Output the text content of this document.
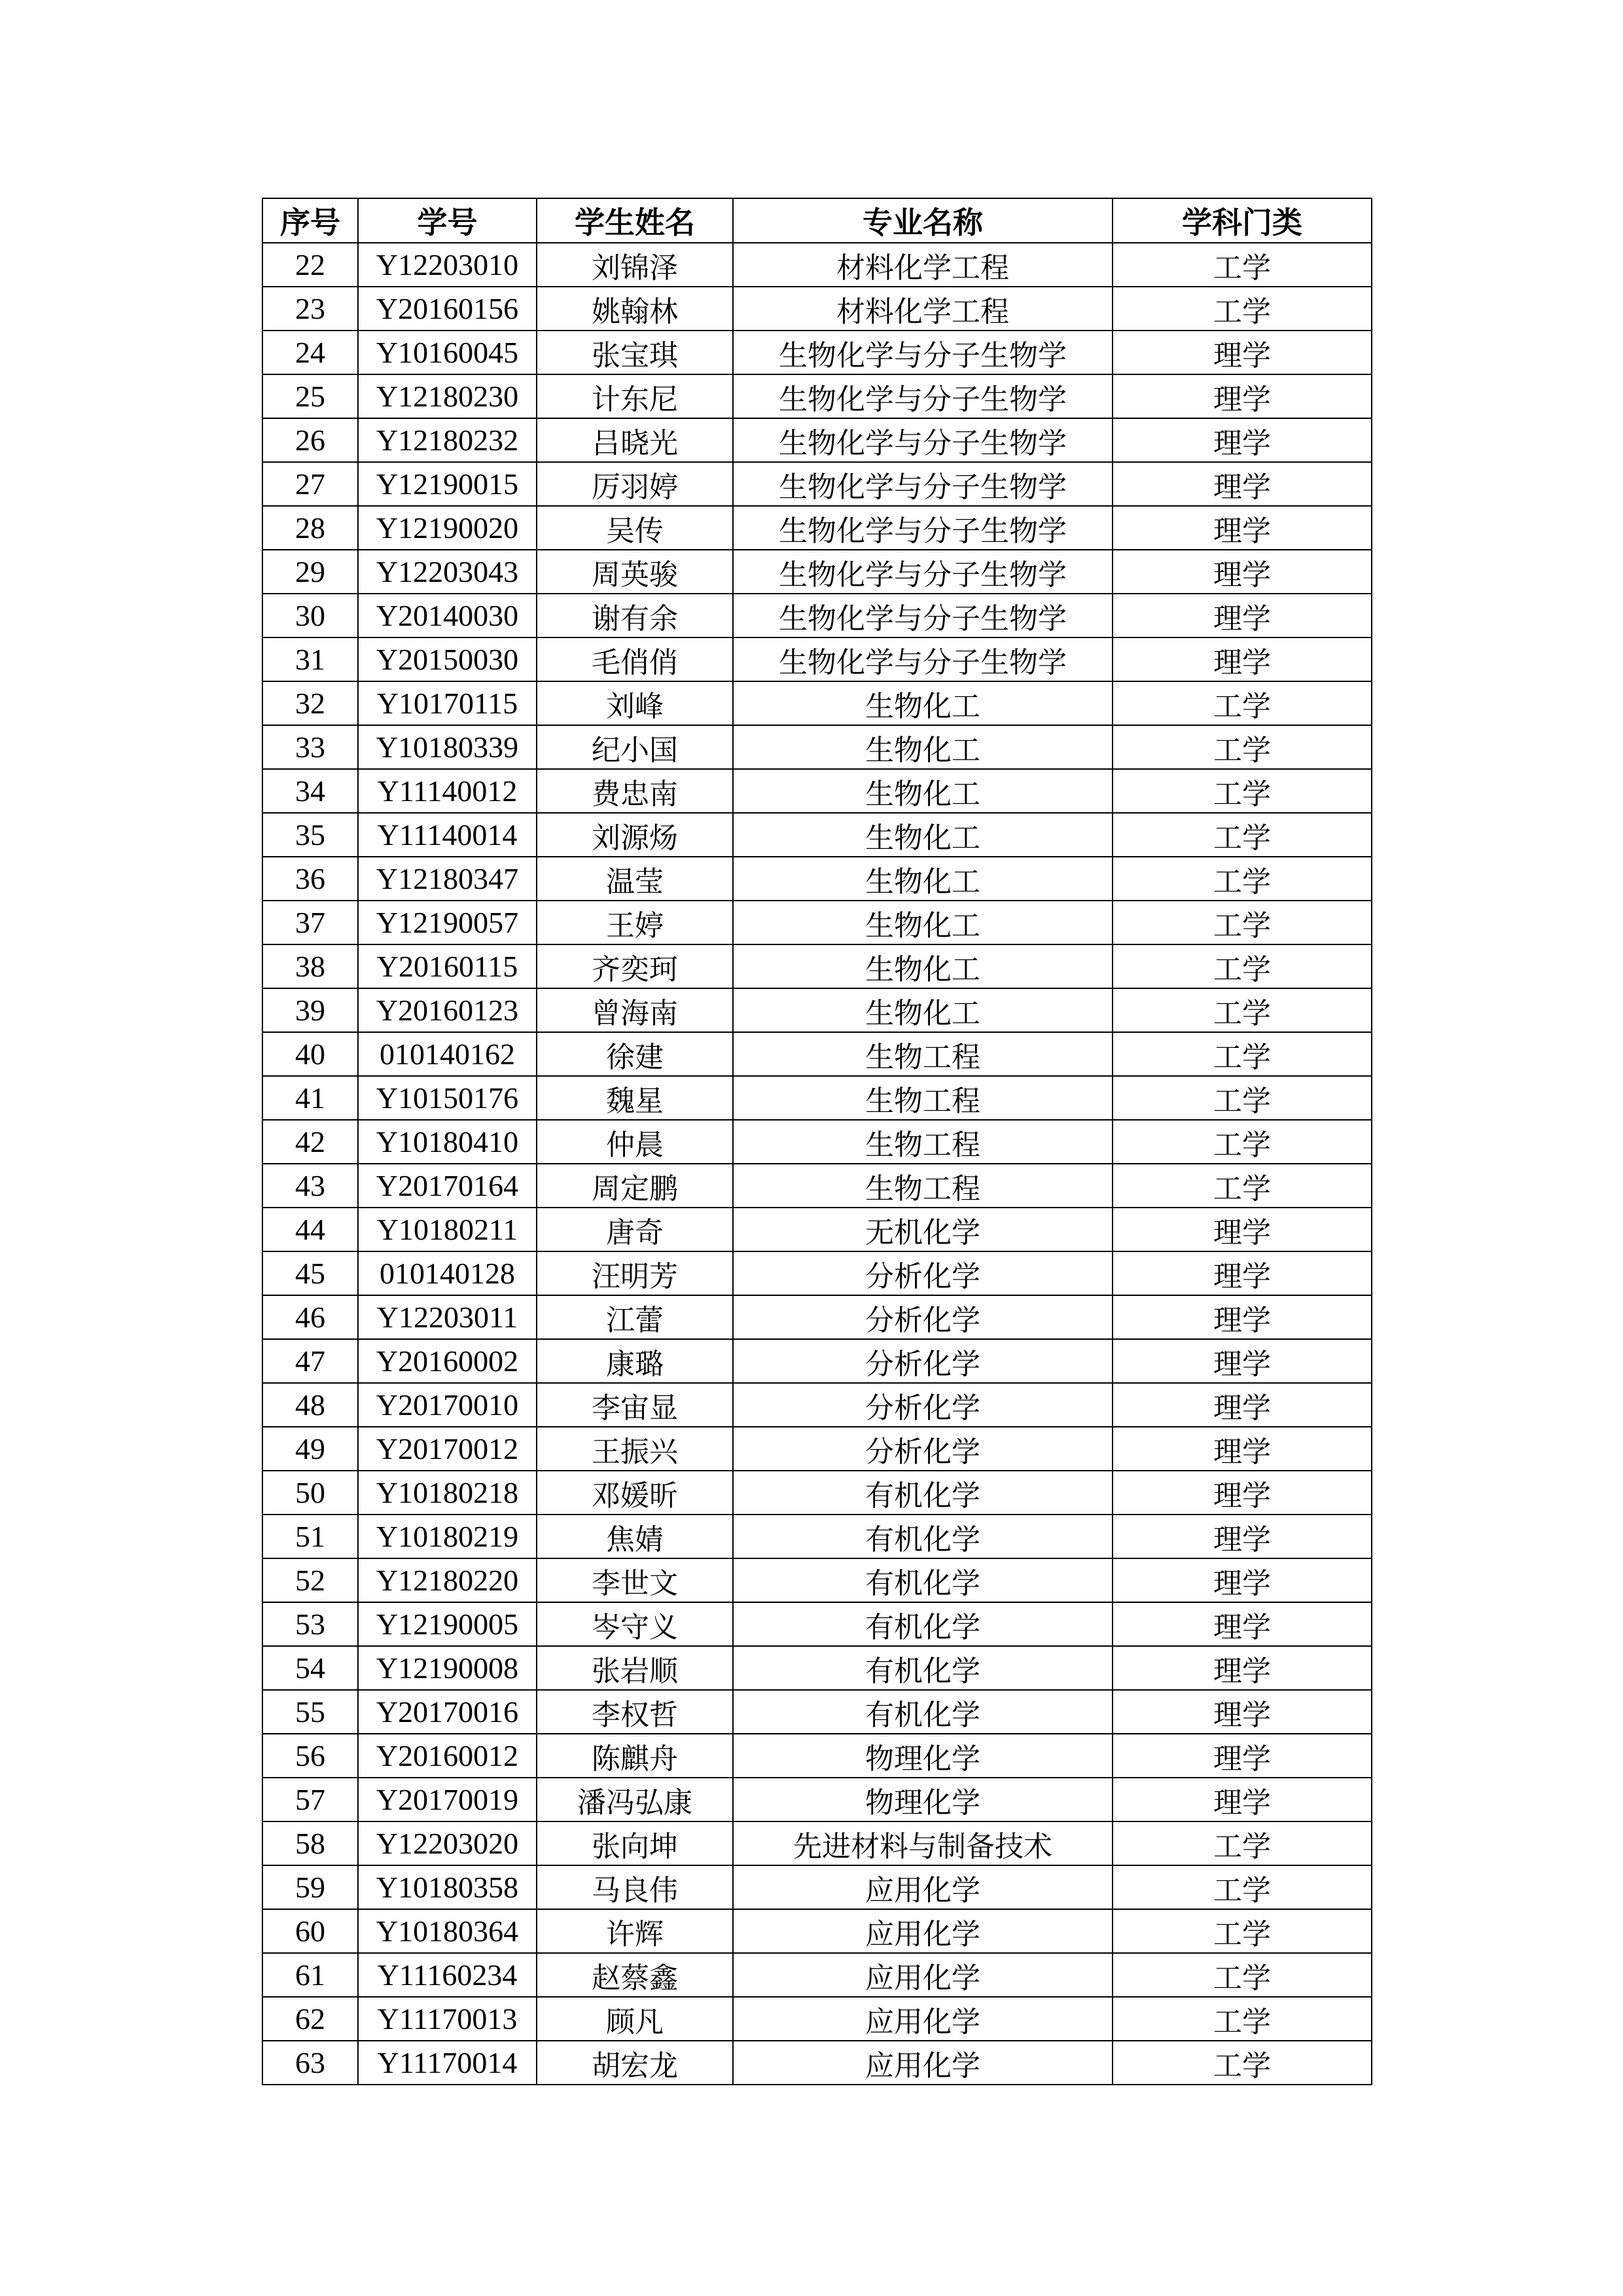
序号	学号	学生姓名	专业名称	学科门类
22	Y12203010	刘锦泽	材料化学工程	工学
23	Y20160156	姚翰林	材料化学工程	工学
24	Y10160045	张宝琪	生物化学与分子生物学	理学
25	Y12180230	计东尼	生物化学与分子生物学	理学
26	Y12180232	吕晓光	生物化学与分子生物学	理学
27	Y12190015	厉羽婷	生物化学与分子生物学	理学
28	Y12190020	吴传	生物化学与分子生物学	理学
29	Y12203043	周英骏	生物化学与分子生物学	理学
30	Y20140030	谢有余	生物化学与分子生物学	理学
31	Y20150030	毛俏俏	生物化学与分子生物学	理学
32	Y10170115	刘峰	生物化工	工学
33	Y10180339	纪小国	生物化工	工学
34	Y11140012	费忠南	生物化工	工学
35	Y11140014	刘源炀	生物化工	工学
36	Y12180347	温莹	生物化工	工学
37	Y12190057	王婷	生物化工	工学
38	Y20160115	齐奕珂	生物化工	工学
39	Y20160123	曾海南	生物化工	工学
40	010140162	徐建	生物工程	工学
41	Y10150176	魏星	生物工程	工学
42	Y10180410	仲晨	生物工程	工学
43	Y20170164	周定鹏	生物工程	工学
44	Y10180211	唐奇	无机化学	理学
45	010140128	汪明芳	分析化学	理学
46	Y12203011	江蕾	分析化学	理学
47	Y20160002	康璐	分析化学	理学
48	Y20170010	李宙显	分析化学	理学
49	Y20170012	王振兴	分析化学	理学
50	Y10180218	邓媛昕	有机化学	理学
51	Y10180219	焦婧	有机化学	理学
52	Y12180220	李世文	有机化学	理学
53	Y12190005	岑守义	有机化学	理学
54	Y12190008	张岩顺	有机化学	理学
55	Y20170016	李权哲	有机化学	理学
56	Y20160012	陈麒舟	物理化学	理学
57	Y20170019	潘冯弘康	物理化学	理学
58	Y12203020	张向坤	先进材料与制备技术	工学
59	Y10180358	马良伟	应用化学	工学
60	Y10180364	许辉	应用化学	工学
61	Y11160234	赵蔡鑫	应用化学	工学
62	Y11170013	顾凡	应用化学	工学
63	Y11170014	胡宏龙	应用化学	工学
